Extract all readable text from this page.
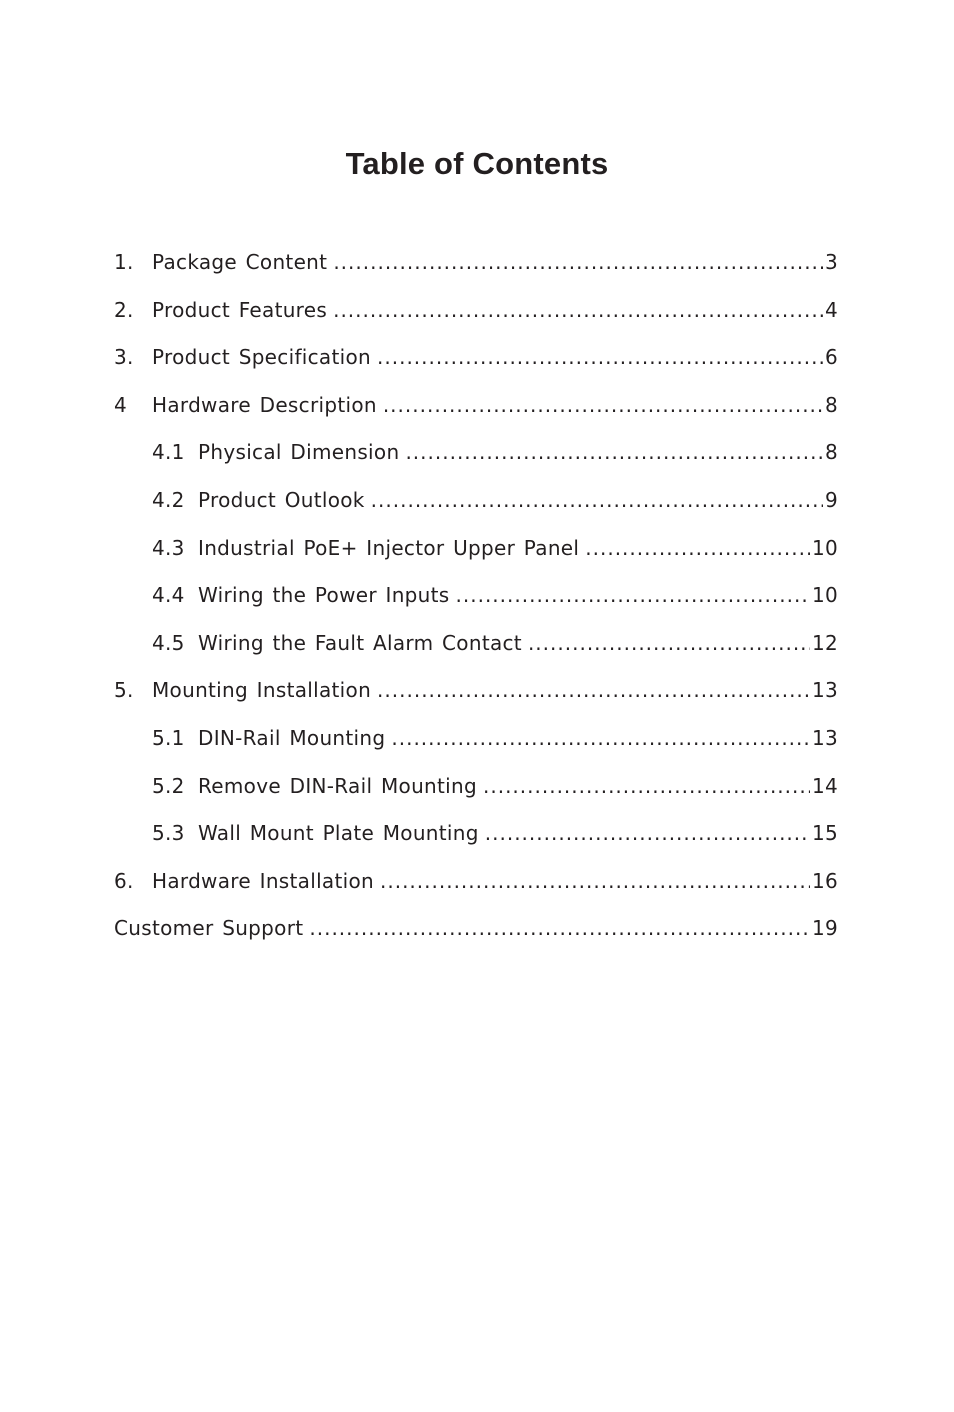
Table of Contents
1. Package Content .....	3
2. Product Features .....	4
3. Product Specification .....	6
4	Hardware Description .....	8
4.1 Physical Dimension .....	8
4.2 Product Outlook .....	9
4.3 Industrial PoE+ Injector Upper Panel .....	10
4.4 Wiring the Power Inputs .....	10
4.5 Wiring the Fault Alarm Contact .....	12
5. Mounting Installation .....	13
5.1 DIN-Rail Mounting .....	13
5.2 Remove DIN-Rail Mounting .....	14
5.3 Wall Mount Plate Mounting .....	15
6. Hardware Installation .....	16
Customer Support .....	19
